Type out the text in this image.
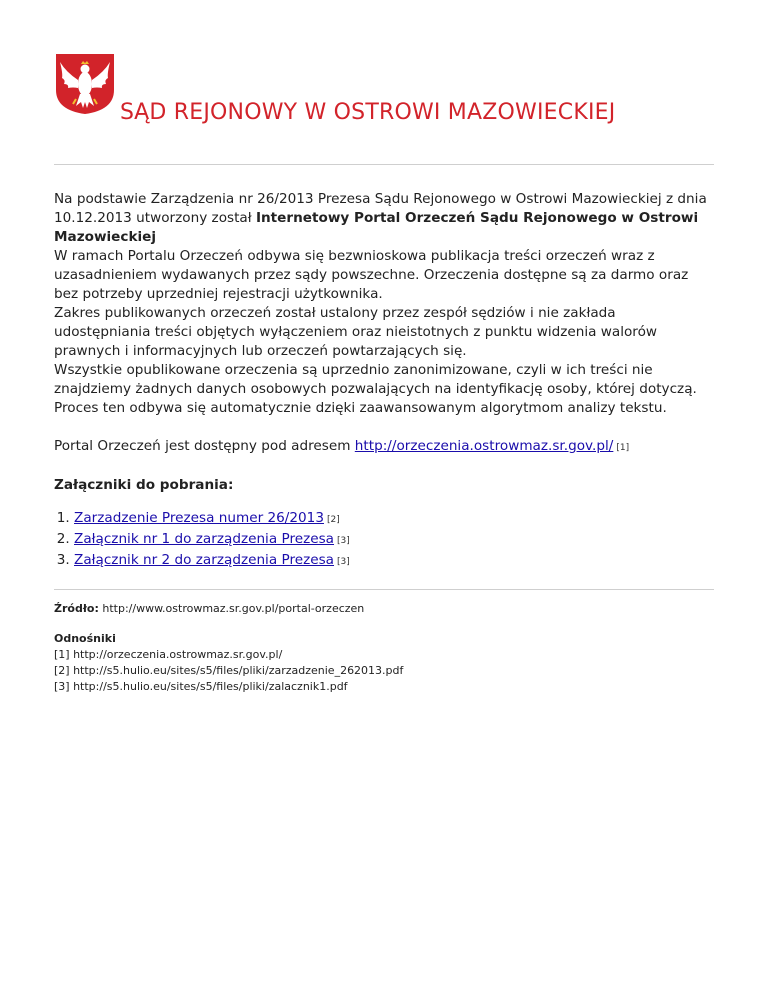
SĄD REJONOWY W OSTROWI MAZOWIECKIEJ

Na podstawie Zarządzenia nr 26/2013 Prezesa Sądu Rejonowego w Ostrowi Mazowieckiej z dnia 10.12.2013 utworzony został Internetowy Portal Orzeczeń Sądu Rejonowego w Ostrowi Mazowieckiej

W ramach Portalu Orzeczeń odbywa się bezwnioskowa publikacja treści orzeczeń wraz z uzasadnieniem wydawanych przez sądy powszechne. Orzeczenia dostępne są za darmo oraz bez potrzeby uprzedniej rejestracji użytkownika.

Zakres publikowanych orzeczeń został ustalony przez zespół sędziów i nie zakłada udostępniania treści objętych wyłączeniem oraz nieistotnych z punktu widzenia walorów prawnych i informacyjnych lub orzeczeń powtarzających się.

Wszystkie opublikowane orzeczenia są uprzednio zanonimizowane, czyli w ich treści nie znajdziemy żadnych danych osobowych pozwalających na identyfikację osoby, której dotyczą. Proces ten odbywa się automatycznie dzięki zaawansowanym algorytmom analizy tekstu.

Portal Orzeczeń jest dostępny pod adresem http://orzeczenia.ostrowmaz.sr.gov.pl/ [1]

Załączniki do pobrania:
1. Zarzadzenie Prezesa numer 26/2013 [2]
2. Załącznik nr 1 do zarządzenia Prezesa [3]
3. Załącznik nr 2 do zarządzenia Prezesa [3]

Źródło: http://www.ostrowmaz.sr.gov.pl/portal-orzeczen

Odnośniki

[1] http://orzeczenia.ostrowmaz.sr.gov.pl/

[2] http://s5.hulio.eu/sites/s5/files/pliki/zarzadzenie_262013.pdf

[3] http://s5.hulio.eu/sites/s5/files/pliki/zalacznik1.pdf
